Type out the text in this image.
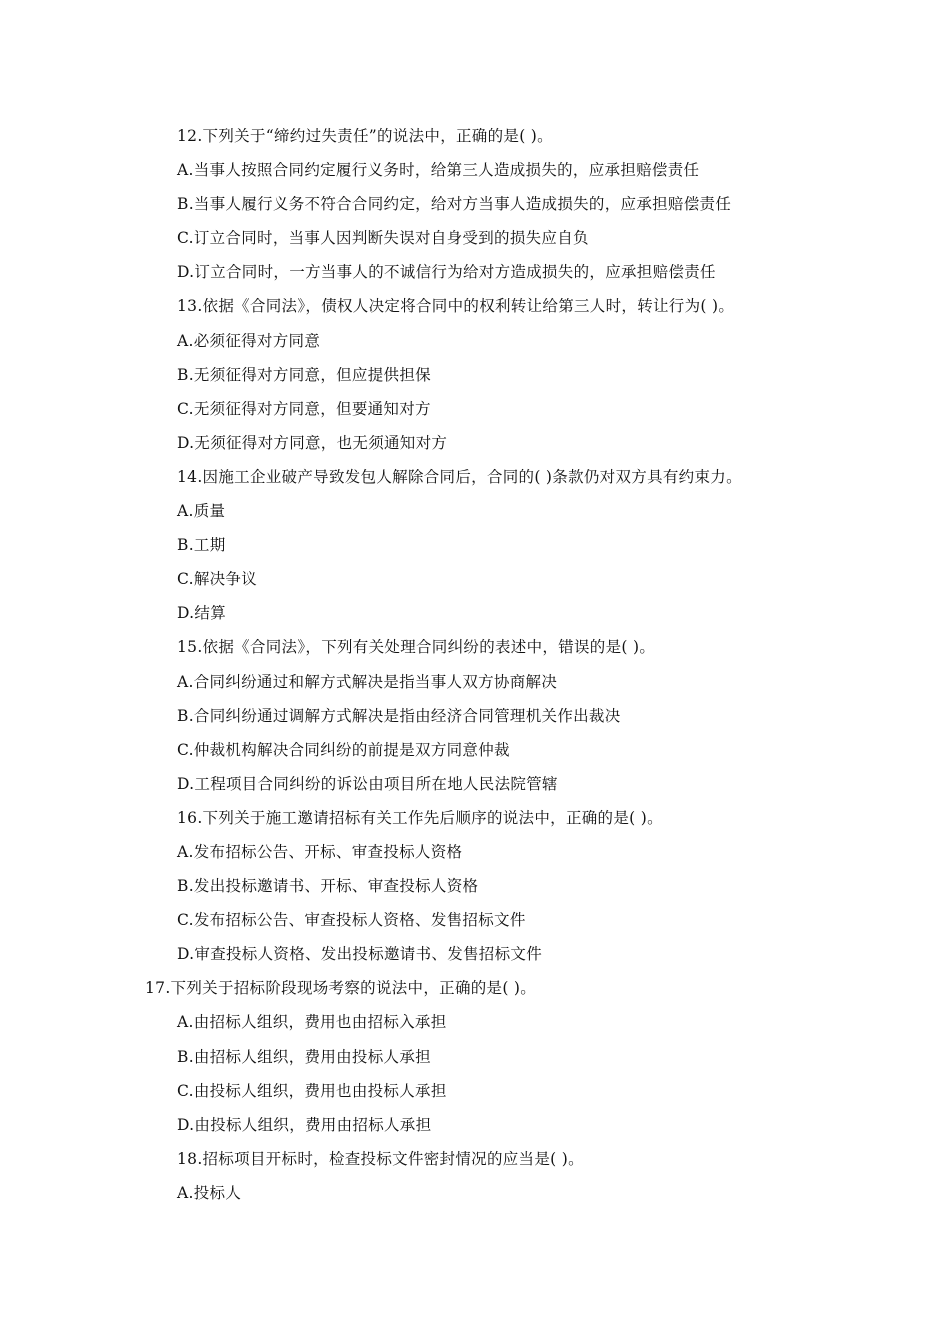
12.下列关于“缔约过失责任”的说法中，正确的是( )。
A.当事人按照合同约定履行义务时，给第三人造成损失的，应承担赔偿责任
B.当事人履行义务不符合合同约定，给对方当事人造成损失的，应承担赔偿责任
C.订立合同时，当事人因判断失误对自身受到的损失应自负
D.订立合同时，一方当事人的不诚信行为给对方造成损失的，应承担赔偿责任
13.依据《合同法》，债权人决定将合同中的权利转让给第三人时，转让行为( )。
A.必须征得对方同意
B.无须征得对方同意，但应提供担保
C.无须征得对方同意，但要通知对方
D.无须征得对方同意，也无须通知对方
14.因施工企业破产导致发包人解除合同后，合同的( )条款仍对双方具有约束力。
A.质量
B.工期
C.解决争议
D.结算
15.依据《合同法》，下列有关处理合同纠纷的表述中，错误的是( )。
A.合同纠纷通过和解方式解决是指当事人双方协商解决
B.合同纠纷通过调解方式解决是指由经济合同管理机关作出裁决
C.仲裁机构解决合同纠纷的前提是双方同意仲裁
D.工程项目合同纠纷的诉讼由项目所在地人民法院管辖
16.下列关于施工邀请招标有关工作先后顺序的说法中，正确的是( )。
A.发布招标公告、开标、审查投标人资格
B.发出投标邀请书、开标、审查投标人资格
C.发布招标公告、审查投标人资格、发售招标文件
D.审查投标人资格、发出投标邀请书、发售招标文件
17.下列关于招标阶段现场考察的说法中，正确的是( )。
A.由招标人组织，费用也由招标入承担
B.由招标人组织，费用由投标人承担
C.由投标人组织，费用也由投标人承担
D.由投标人组织，费用由招标人承担
18.招标项目开标时，检查投标文件密封情况的应当是( )。
A.投标人
